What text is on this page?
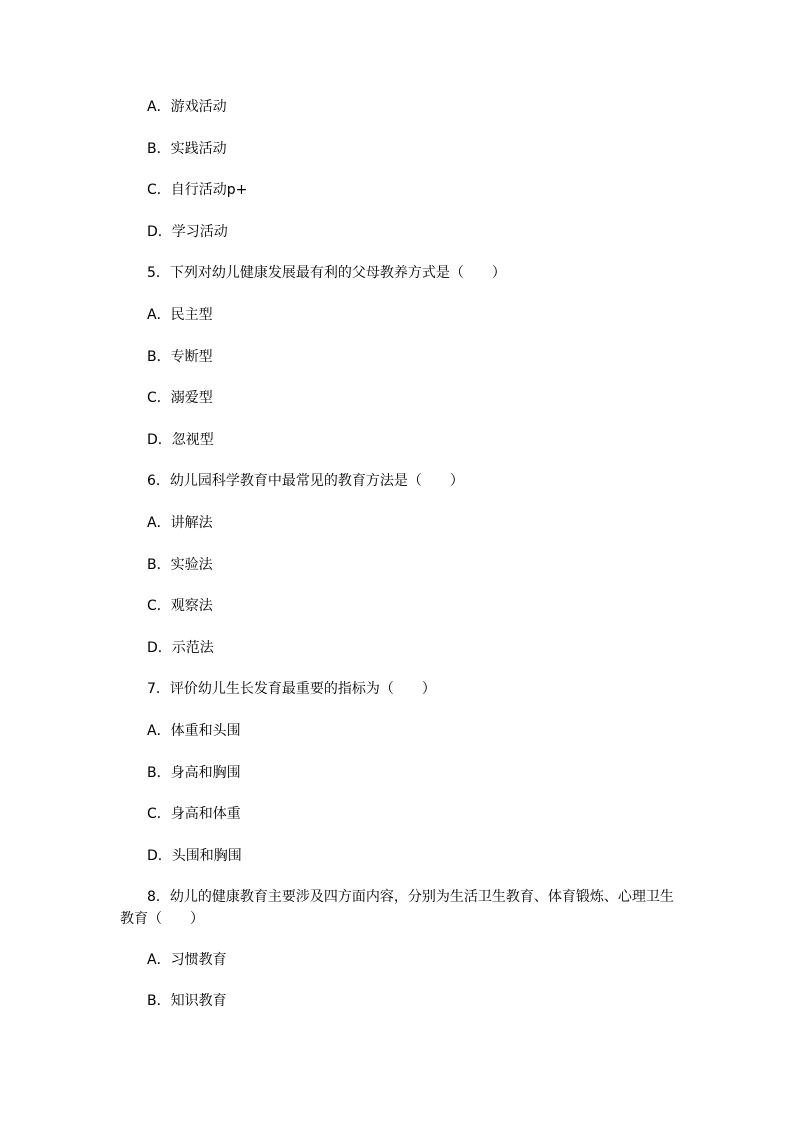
A．游戏活动
B．实践活动
C．自行活动p+
D．学习活动
5．下列对幼儿健康发展最有利的父母教养方式是（　　）
A．民主型
B．专断型
C．溺爱型
D．忽视型
6．幼儿园科学教育中最常见的教育方法是（　　）
A．讲解法
B．实验法
C．观察法
D．示范法
7．评价幼儿生长发育最重要的指标为（　　）
A．体重和头围
B．身高和胸围
C．身高和体重
D．头围和胸围
8．幼儿的健康教育主要涉及四方面内容，分别为生活卫生教育、体育锻炼、心理卫生教育（　　）
A．习惯教育
B．知识教育
